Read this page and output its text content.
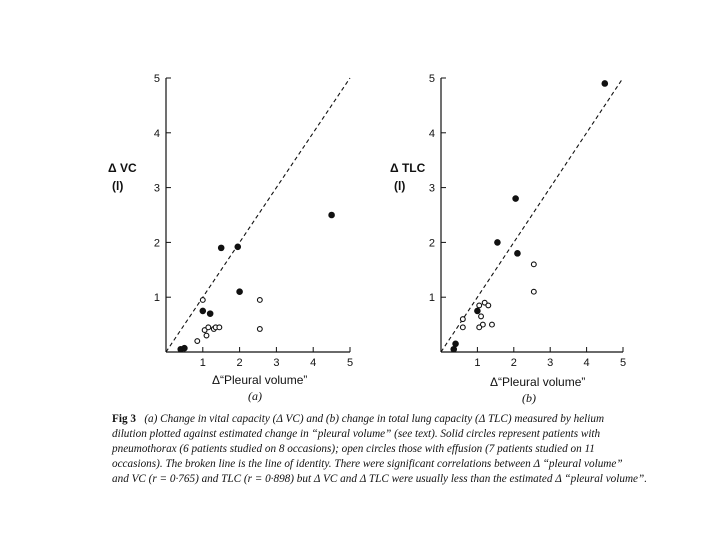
1
2
3
4
5
1	2	3	4	5
Δ VC
(l)
Δ“Pleural volume”
(a)
1
2
3
4
5
1	2	3	4	5
Δ TLC
(l)
Δ“Pleural volume”
(b)
Fig 3 (a) Change in vital capacity (Δ VC) and (b) change in total lung capacity (Δ TLC) measured by helium
dilution plotted against estimated change in “pleural volume” (see text). Solid circles represent patients with
pneumothorax (6 patients studied on 8 occasions); open circles those with effusion (7 patients studied on 11
occasions). The broken line is the line of identity. There were significant correlations between Δ “pleural volume”
and VC (r = 0·765) and TLC (r = 0·898) but Δ VC and Δ TLC were usually less than the estimated Δ “pleural volume”.
